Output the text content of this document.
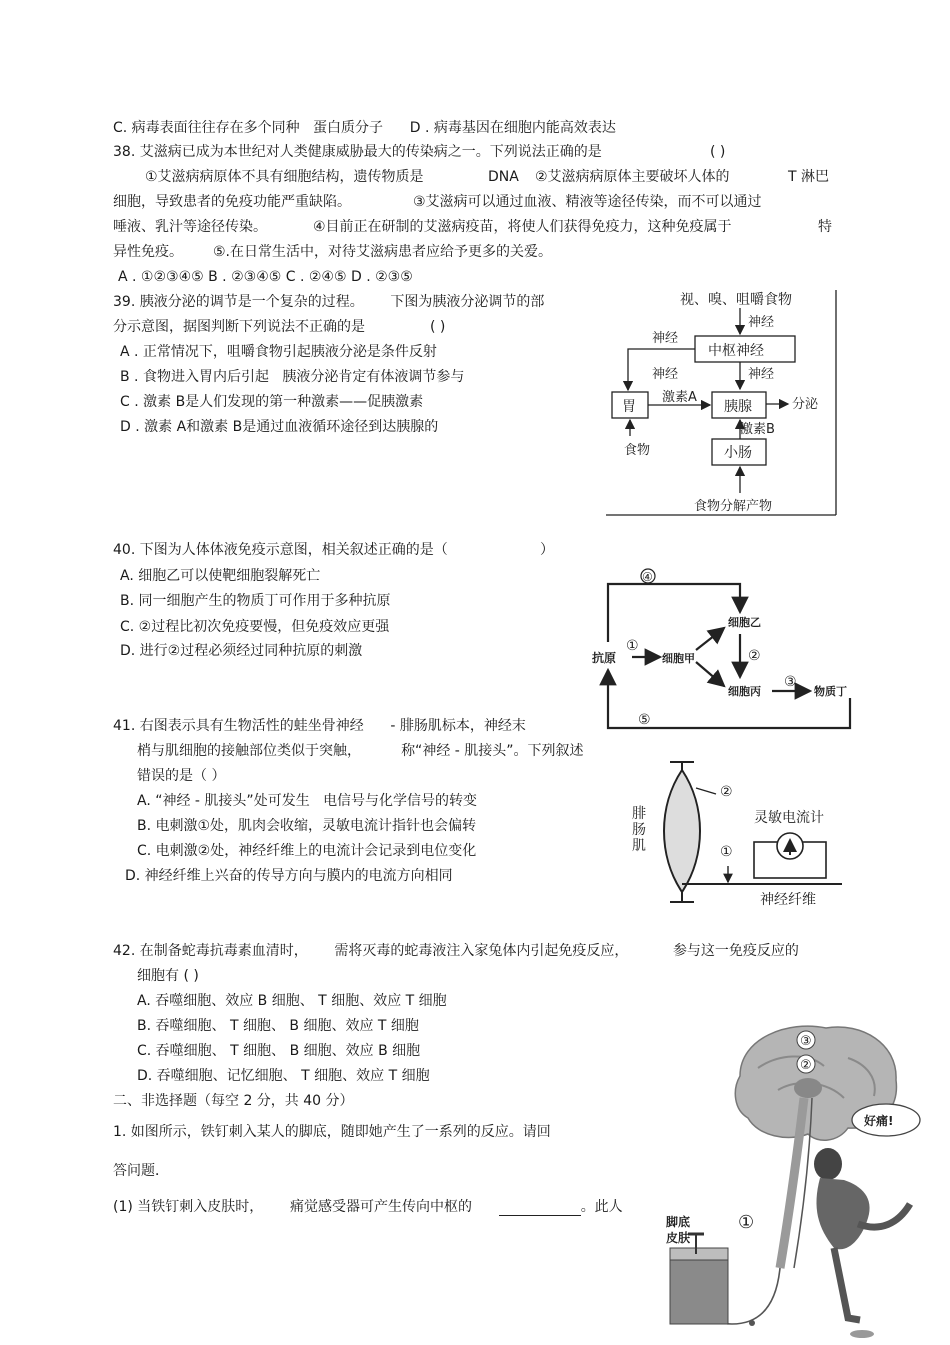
C. 病毒表面往往存在多个同种 蛋白质分子 D . 病毒基因在细胞内能高效表达
38. 艾滋病已成为本世纪对人类健康威胁最大的传染病之一。下列说法正确的是	( )
①艾滋病病原体不具有细胞结构，遗传物质是	DNA ②艾滋病病原体主要破坏人体的	T 淋巴
细胞，导致患者的免疫功能严重缺陷。	③艾滋病可以通过血液、精液等途径传染，而不可以通过
唾液、乳汁等途径传染。	④目前正在研制的艾滋病疫苗，将使人们获得免疫力，这种免疫属于	特
异性免疫。 ⑤.在日常生活中，对待艾滋病患者应给予更多的关爱。
A . ①②③④⑤ B . ②③④⑤ C . ②④⑤ D . ②③⑤
39. 胰液分泌的调节是一个复杂的过程。 下图为胰液分泌调节的部
分示意图，据图判断下列说法不正确的是	( )
A . 正常情况下，咀嚼食物引起胰液分泌是条件反射
B . 食物进入胃内后引起 胰液分泌肯定有体液调节参与
C . 激素 B是人们发现的第一种激素——促胰激素
D . 激素 A和激素 B是通过血液循环途径到达胰腺的
视、嗅、咀嚼食物
神经
神经
中枢神经
神经	神经
胃
激素A
胰腺	分泌
激素B
食物	小肠
食物分解产物
40. 下图为人体体液免疫示意图，相关叙述正确的是（	）
A. 细胞乙可以使靶细胞裂解死亡
B. 同一细胞产生的物质丁可作用于多种抗原
C. ②过程比初次免疫要慢，但免疫效应更强
D. 进行②过程必须经过同种抗原的刺激
④
①
②
③
⑤
抗原	细胞甲
细胞乙
细胞丙	物质丁
41. 右图表示具有生物活性的蛙坐骨神经 - 腓肠肌标本，神经末
梢与肌细胞的接触部位类似于突触，	称“神经 - 肌接头”。下列叙述
错误的是（ ）
A. “神经 - 肌接头”处可发生 电信号与化学信号的转变
B. 电刺激①处，肌肉会收缩，灵敏电流计指针也会偏转
C. 电刺激②处，神经纤维上的电流计会记录到电位变化
D. 神经纤维上兴奋的传导方向与膜内的电流方向相同
腓
肠
肌
灵敏电流计
神经纤维
①
②
42. 在制备蛇毒抗毒素血清时， 需将灭毒的蛇毒液注入家兔体内引起免疫反应，	参与这一免疫反应的
细胞有 ( )
A. 吞噬细胞、效应 B 细胞、 T 细胞、效应 T 细胞
B. 吞噬细胞、 T 细胞、 B 细胞、效应 T 细胞
C. 吞噬细胞、 T 细胞、 B 细胞、效应 B 细胞
D. 吞噬细胞、记忆细胞、 T 细胞、效应 T 细胞
二、非选择题（每空 2 分，共 40 分）
1. 如图所示，铁钉刺入某人的脚底，随即她产生了一系列的反应。请回
答问题．
(1) 当铁钉刺入皮肤时， 痛觉感受器可产生传向中枢的	。此人
③
②
①
好痛!
脚底
皮肤
